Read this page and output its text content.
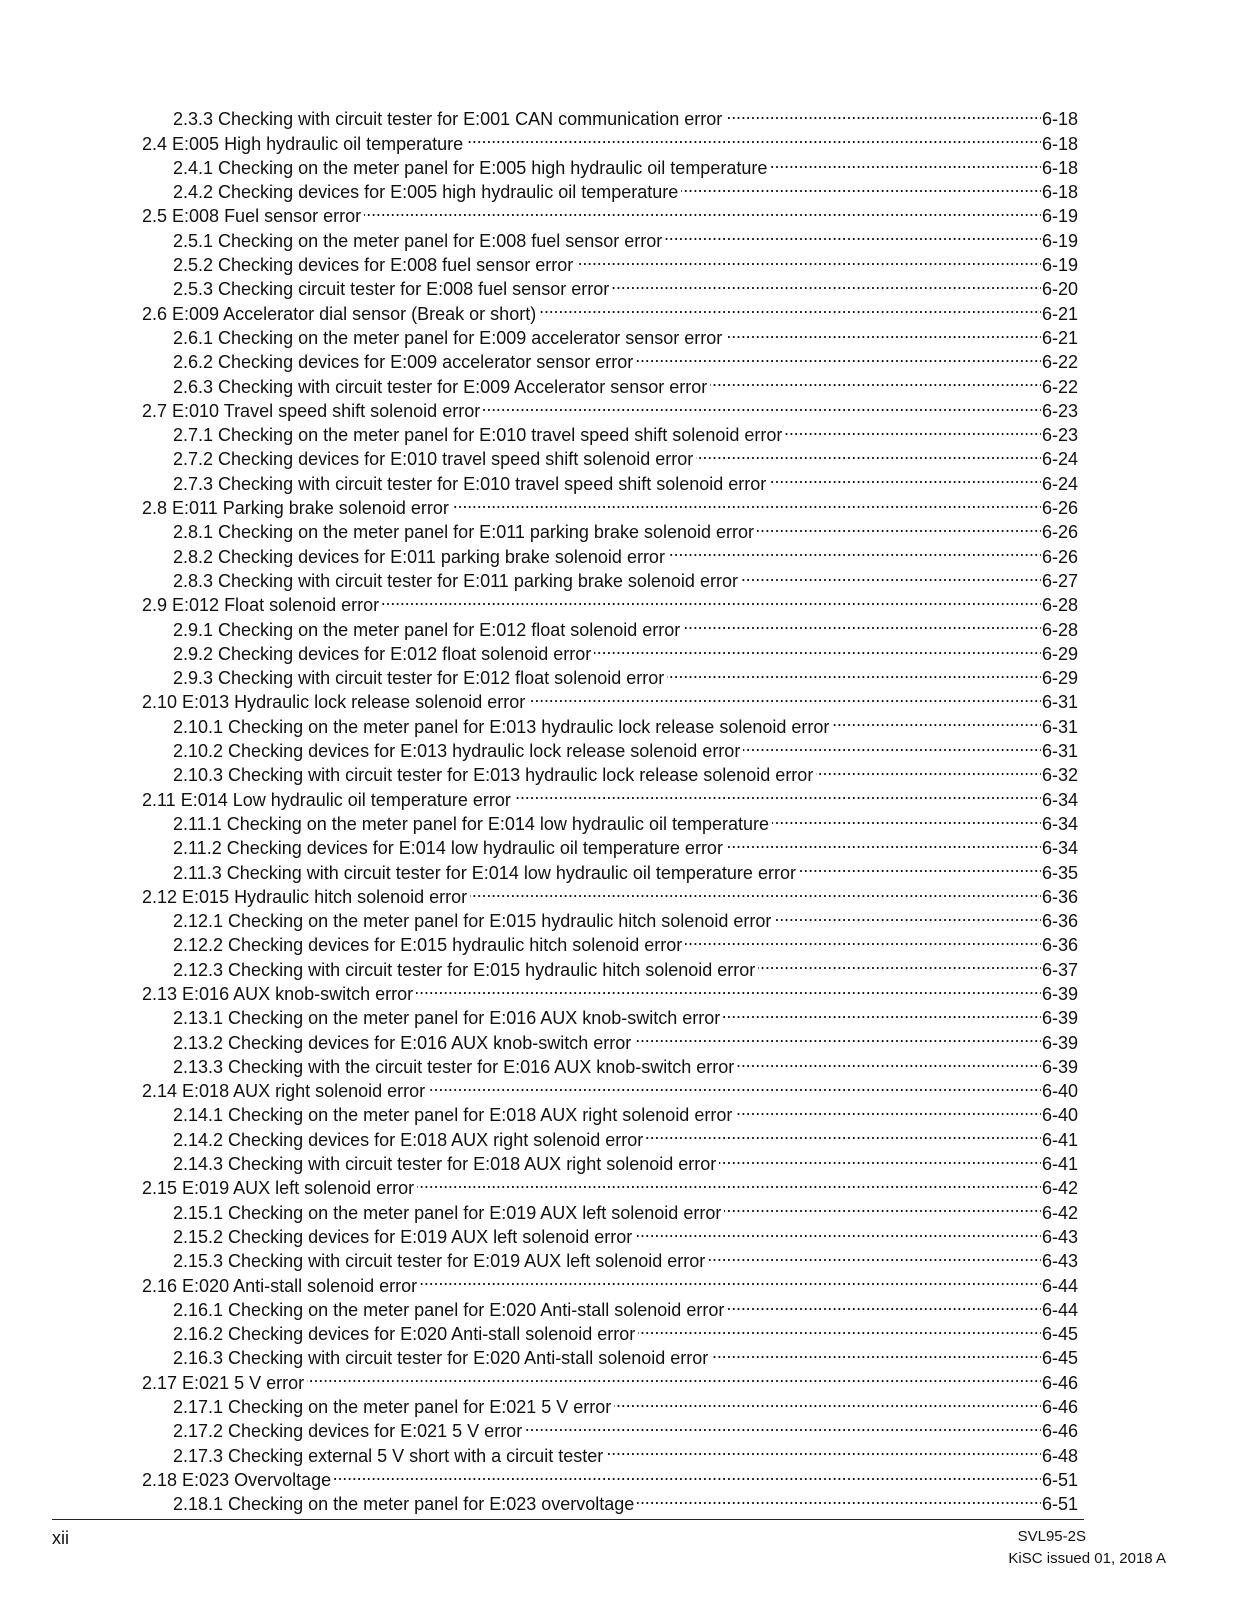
2.3.3 Checking with circuit tester for E:001 CAN communication error . . .	6-18
2.4 E:005 High hydraulic oil temperature . . .	6-18
2.4.1 Checking on the meter panel for E:005 high hydraulic oil temperature . . .	6-18
2.4.2 Checking devices for E:005 high hydraulic oil temperature . . .	6-18
2.5 E:008 Fuel sensor error . . .	6-19
2.5.1 Checking on the meter panel for E:008 fuel sensor error . . .	6-19
2.5.2 Checking devices for E:008 fuel sensor error . . .	6-19
2.5.3 Checking circuit tester for E:008 fuel sensor error . . .	6-20
2.6 E:009 Accelerator dial sensor (Break or short) . . .	6-21
2.6.1 Checking on the meter panel for E:009 accelerator sensor error . . .	6-21
2.6.2 Checking devices for E:009 accelerator sensor error . . .	6-22
2.6.3 Checking with circuit tester for E:009 Accelerator sensor error . . .	6-22
2.7 E:010 Travel speed shift solenoid error . . .	6-23
2.7.1 Checking on the meter panel for E:010 travel speed shift solenoid error . . .	6-23
2.7.2 Checking devices for E:010 travel speed shift solenoid error . . .	6-24
2.7.3 Checking with circuit tester for E:010 travel speed shift solenoid error . . .	6-24
2.8 E:011 Parking brake solenoid error . . .	6-26
2.8.1 Checking on the meter panel for E:011 parking brake solenoid error . . .	6-26
2.8.2 Checking devices for E:011 parking brake solenoid error . . .	6-26
2.8.3 Checking with circuit tester for E:011 parking brake solenoid error . . .	6-27
2.9 E:012 Float solenoid error . . .	6-28
2.9.1 Checking on the meter panel for E:012 float solenoid error . . .	6-28
2.9.2 Checking devices for E:012 float solenoid error . . .	6-29
2.9.3 Checking with circuit tester for E:012 float solenoid error . . .	6-29
2.10 E:013 Hydraulic lock release solenoid error . . .	6-31
2.10.1 Checking on the meter panel for E:013 hydraulic lock release solenoid error . . .	6-31
2.10.2 Checking devices for E:013 hydraulic lock release solenoid error . . .	6-31
2.10.3 Checking with circuit tester for E:013 hydraulic lock release solenoid error . . .	6-32
2.11 E:014 Low hydraulic oil temperature error . . .	6-34
2.11.1 Checking on the meter panel for E:014 low hydraulic oil temperature . . .	6-34
2.11.2 Checking devices for E:014 low hydraulic oil temperature error . . .	6-34
2.11.3 Checking with circuit tester for E:014 low hydraulic oil temperature error . . .	6-35
2.12 E:015 Hydraulic hitch solenoid error . . .	6-36
2.12.1 Checking on the meter panel for E:015 hydraulic hitch solenoid error . . .	6-36
2.12.2 Checking devices for E:015 hydraulic hitch solenoid error . . .	6-36
2.12.3 Checking with circuit tester for E:015 hydraulic hitch solenoid error . . .	6-37
2.13 E:016 AUX knob-switch error . . .	6-39
2.13.1 Checking on the meter panel for E:016 AUX knob-switch error . . .	6-39
2.13.2 Checking devices for E:016 AUX knob-switch error . . .	6-39
2.13.3 Checking with the circuit tester for E:016 AUX knob-switch error . . .	6-39
2.14 E:018 AUX right solenoid error . . .	6-40
2.14.1 Checking on the meter panel for E:018 AUX right solenoid error . . .	6-40
2.14.2 Checking devices for E:018 AUX right solenoid error . . .	6-41
2.14.3 Checking with circuit tester for E:018 AUX right solenoid error . . .	6-41
2.15 E:019 AUX left solenoid error . . .	6-42
2.15.1 Checking on the meter panel for E:019 AUX left solenoid error . . .	6-42
2.15.2 Checking devices for E:019 AUX left solenoid error . . .	6-43
2.15.3 Checking with circuit tester for E:019 AUX left solenoid error . . .	6-43
2.16 E:020 Anti-stall solenoid error . . .	6-44
2.16.1 Checking on the meter panel for E:020 Anti-stall solenoid error . . .	6-44
2.16.2 Checking devices for E:020 Anti-stall solenoid error . . .	6-45
2.16.3 Checking with circuit tester for E:020 Anti-stall solenoid error . . .	6-45
2.17 E:021 5 V error . . .	6-46
2.17.1 Checking on the meter panel for E:021 5 V error . . .	6-46
2.17.2 Checking devices for E:021 5 V error . . .	6-46
2.17.3 Checking external 5 V short with a circuit tester . . .	6-48
2.18 E:023 Overvoltage . . .	6-51
2.18.1 Checking on the meter panel for E:023 overvoltage . . .	6-51
xii	SVL95-2S
KiSC issued 01, 2018 A
